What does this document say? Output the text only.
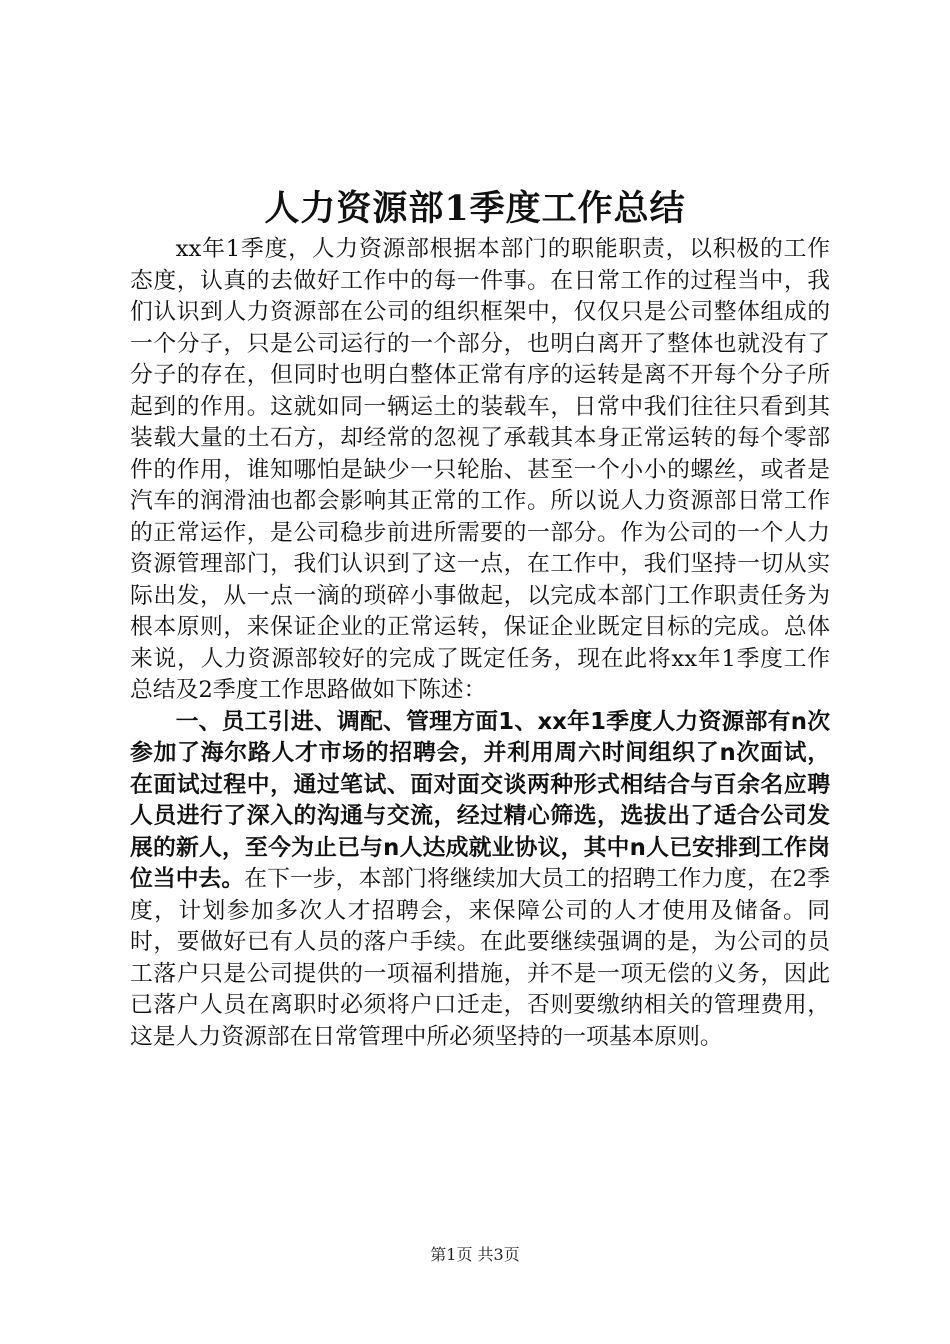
人力资源部1季度工作总结

xx年1季度，人力资源部根据本部门的职能职责，以积极的工作态度，认真的去做好工作中的每一件事。在日常工作的过程当中，我们认识到人力资源部在公司的组织框架中，仅仅只是公司整体组成的一个分子，只是公司运行的一个部分，也明白离开了整体也就没有了分子的存在，但同时也明白整体正常有序的运转是离不开每个分子所起到的作用。这就如同一辆运土的装载车，日常中我们往往只看到其装载大量的土石方，却经常的忽视了承载其本身正常运转的每个零部件的作用，谁知哪怕是缺少一只轮胎、甚至一个小小的螺丝，或者是汽车的润滑油也都会影响其正常的工作。所以说人力资源部日常工作的正常运作，是公司稳步前进所需要的一部分。作为公司的一个人力资源管理部门，我们认识到了这一点，在工作中，我们坚持一切从实际出发，从一点一滴的琐碎小事做起，以完成本部门工作职责任务为根本原则，来保证企业的正常运转，保证企业既定目标的完成。总体来说，人力资源部较好的完成了既定任务，现在此将xx年1季度工作总结及2季度工作思路做如下陈述：

一、员工引进、调配、管理方面1、xx年1季度人力资源部有n次参加了海尔路人才市场的招聘会，并利用周六时间组织了n次面试，在面试过程中，通过笔试、面对面交谈两种形式相结合与百余名应聘人员进行了深入的沟通与交流，经过精心筛选，选拔出了适合公司发展的新人，至今为止已与n人达成就业协议，其中n人已安排到工作岗位当中去。在下一步，本部门将继续加大员工的招聘工作力度，在2季度，计划参加多次人才招聘会，来保障公司的人才使用及储备。同时，要做好已有人员的落户手续。在此要继续强调的是，为公司的员工落户只是公司提供的一项福利措施，并不是一项无偿的义务，因此已落户人员在离职时必须将户口迁走，否则要缴纳相关的管理费用，这是人力资源部在日常管理中所必须坚持的一项基本原则。

第1页 共3页
